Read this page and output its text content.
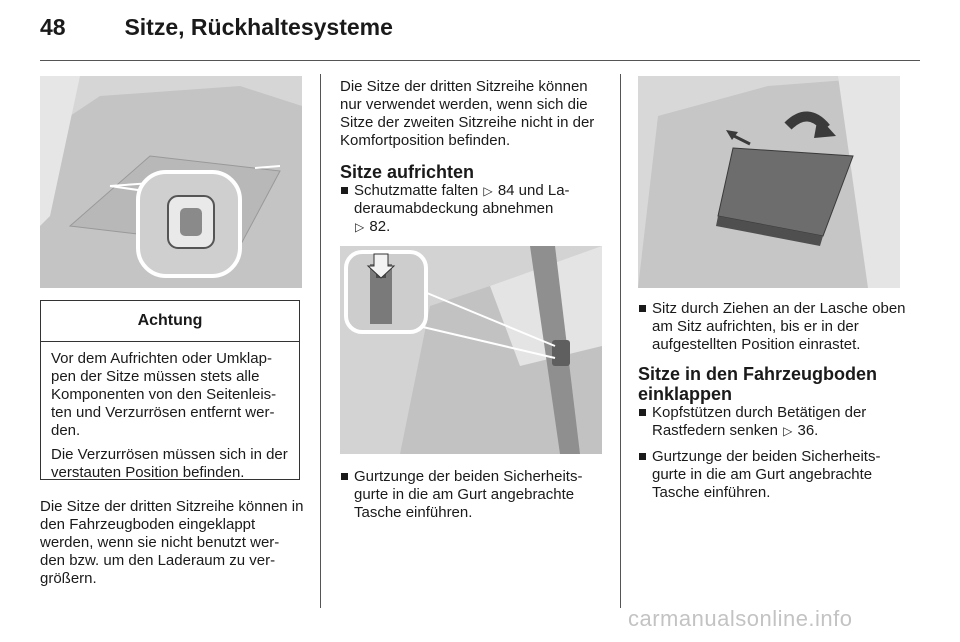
48	Sitze, Rückhaltesysteme
Achtung

Vor dem Aufrichten oder Umklap- pen der Sitze müssen stets alle Komponenten von den Seitenleis- ten und Verzurrösen entfernt wer- den.

Die Verzurrösen müssen sich in der verstauten Position befinden.

Die Sitze der dritten Sitzreihe können in den Fahrzeugboden eingeklappt werden, wenn sie nicht benutzt wer- den bzw. um den Laderaum zu ver- größern.

Die Sitze der dritten Sitzreihe können nur verwendet werden, wenn sich die Sitze der zweiten Sitzreihe nicht in der Komfortposition befinden.

Sitze aufrichten
Schutzmatte falten ▷ 84 und La- deraumabdeckung abnehmen
▷ 82.
Gurtzunge der beiden Sicherheits- gurte in die am Gurt angebrachte Tasche einführen.
Sitz durch Ziehen an der Lasche oben am Sitz aufrichten, bis er in der aufgestellten Position einrastet.
Sitze in den Fahrzeugboden einklappen
Kopfstützen durch Betätigen der Rastfedern senken ▷ 36.
Gurtzunge der beiden Sicherheits- gurte in die am Gurt angebrachte Tasche einführen.
carmanualsonline.info
